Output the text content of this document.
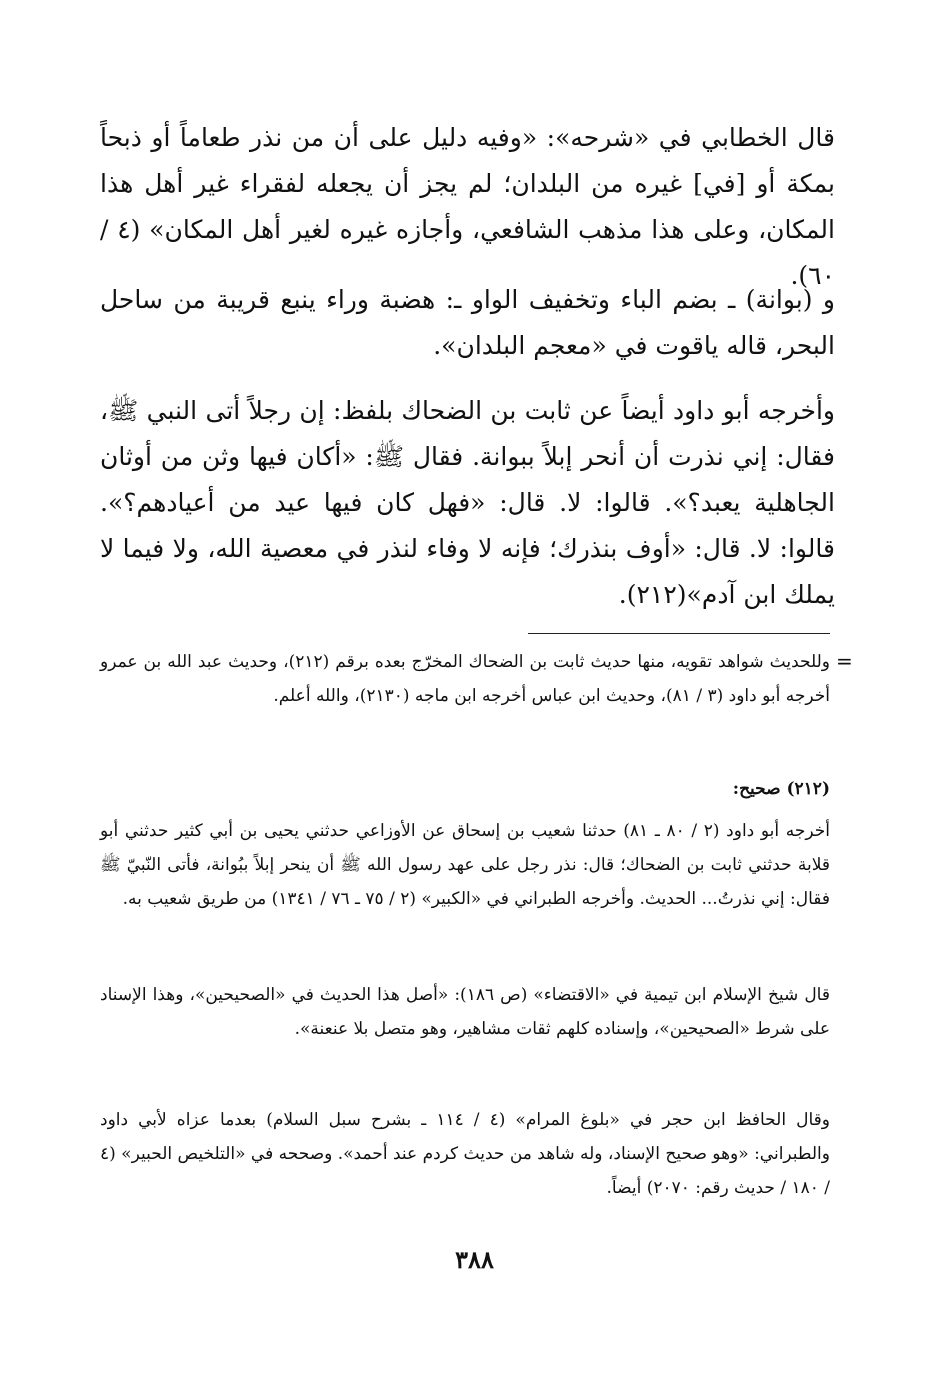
قال الخطابي في «شرحه»: «وفيه دليل على أن من نذر طعاماً أو ذبحاً بمكة أو [في] غيره من البلدان؛ لم يجز أن يجعله لفقراء غير أهل هذا المكان، وعلى هذا مذهب الشافعي، وأجازه غيره لغير أهل المكان» (٤ / ٦٠).

و (بوانة) ـ بضم الباء وتخفيف الواو ـ: هضبة وراء ينبع قريبة من ساحل البحر، قاله ياقوت في «معجم البلدان».

وأخرجه أبو داود أيضاً عن ثابت بن الضحاك بلفظ: إن رجلاً أتى النبي ﷺ، فقال: إني نذرت أن أنحر إبلاً ببوانة. فقال ﷺ: «أكان فيها وثن من أوثان الجاهلية يعبد؟». قالوا: لا. قال: «فهل كان فيها عيد من أعيادهم؟». قالوا: لا. قال: «أوف بنذرك؛ فإنه لا وفاء لنذر في معصية الله، ولا فيما لا يملك ابن آدم»(٢١٢).

=

وللحديث شواهد تقويه، منها حديث ثابت بن الضحاك المخرّج بعده برقم (٢١٢)، وحديث عبد الله بن عمرو أخرجه أبو داود (٣ / ٨١)، وحديث ابن عباس أخرجه ابن ماجه (٢١٣٠)، والله أعلم.

(٢١٢) صحيح:

أخرجه أبو داود (٢ / ٨٠ ـ ٨١) حدثنا شعيب بن إسحاق عن الأوزاعي حدثني يحيى بن أبي كثير حدثني أبو قلابة حدثني ثابت بن الضحاك؛ قال: نذر رجل على عهد رسول الله ﷺ أن ينحر إبلاً ببُوانة، فأتى النّبيّ ﷺ فقال: إني نذرتُ... الحديث. وأخرجه الطبراني في «الكبير» (٢ / ٧٥ ـ ٧٦ / ١٣٤١) من طريق شعيب به.

قال شيخ الإسلام ابن تيمية في «الاقتضاء» (ص ١٨٦): «أصل هذا الحديث في «الصحيحين»، وهذا الإسناد على شرط «الصحيحين»، وإسناده كلهم ثقات مشاهير، وهو متصل بلا عنعنة».

وقال الحافظ ابن حجر في «بلوغ المرام» (٤ / ١١٤ ـ بشرح سبل السلام) بعدما عزاه لأبي داود والطبراني: «وهو صحيح الإسناد، وله شاهد من حديث كردم عند أحمد». وصححه في «التلخيص الحبير» (٤ / ١٨٠ / حديث رقم: ٢٠٧٠) أيضاً.

٣٨٨
